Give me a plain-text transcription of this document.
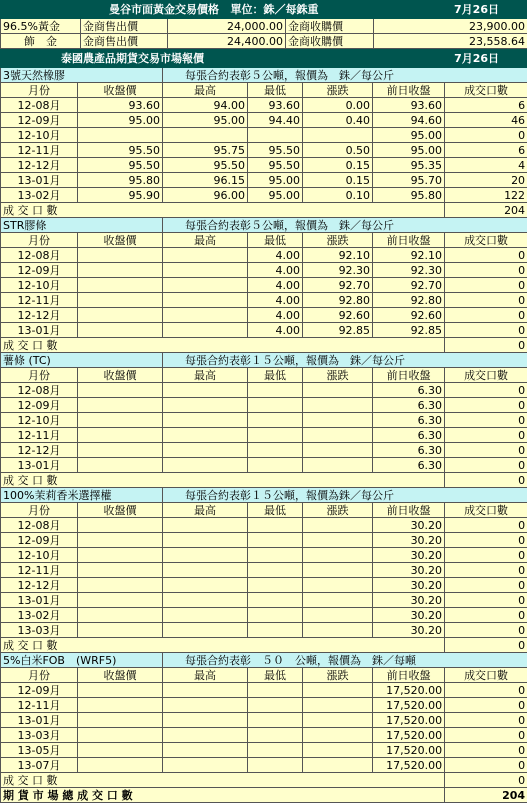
曼谷市面黃金交易價格 單位：銖／每銖重				7月26日
96.5%黃金	金商售出價	24,000.00	金商收購價	23,900.00
飾　金	金商售出價	24,400.00	金商收購價	23,558.64
泰國農產品期貨交易市場報價					7月26日	
3號天然橡膠		每張合約表彰５公噸，報價為　銖／每公斤				
月份	收盤價	最高	最低	漲跌	前日收盤	成交口數
12-08月	93.60	94.00	93.60	0.00	93.60	6
12-09月	95.00	95.00	94.40	0.40	94.60	46
12-10月					95.00	0
12-11月	95.50	95.75	95.50	0.50	95.00	6
12-12月	95.50	95.50	95.50	0.15	95.35	4
13-01月	95.80	96.15	95.00	0.15	95.70	20
13-02月	95.90	96.00	95.00	0.10	95.80	122
成 交 口 數						204
STR膠條		每張合約表彰５公噸，報價為　銖／每公斤				
月份	收盤價	最高	最低	漲跌	前日收盤	成交口數
12-08月			4.00	92.10	92.10	0
12-09月			4.00	92.30	92.30	0
12-10月			4.00	92.70	92.70	0
12-11月			4.00	92.80	92.80	0
12-12月			4.00	92.60	92.60	0
13-01月			4.00	92.85	92.85	0
成 交 口 數						0
薯條 (TC)		每張合約表彰１５公噸，報價為　銖／每公斤				
月份	收盤價	最高	最低	漲跌	前日收盤	成交口數
12-08月					6.30	0
12-09月					6.30	0
12-10月					6.30	0
12-11月					6.30	0
12-12月					6.30	0
13-01月					6.30	0
成 交 口 數						0
100%茉莉香米選擇權		每張合約表彰１５公噸，報價為銖／每公斤				
月份	收盤價	最高	最低	漲跌	前日收盤	成交口數
12-08月					30.20	0
12-09月					30.20	0
12-10月					30.20	0
12-11月					30.20	0
12-12月					30.20	0
13-01月					30.20	0
13-02月					30.20	0
13-03月					30.20	0
成 交 口 數						0
5%白米FOB　(WRF5)		每張合約表彰　５０　公噸，報價為　銖／每噸				
月份	收盤價	最高	最低	漲跌	前日收盤	成交口數
12-09月					17,520.00	0
12-11月					17,520.00	0
13-01月					17,520.00	0
13-03月					17,520.00	0
13-05月					17,520.00	0
13-07月					17,520.00	0
成 交 口 數						0
期 貨 市 場 總 成 交 口 數						204
